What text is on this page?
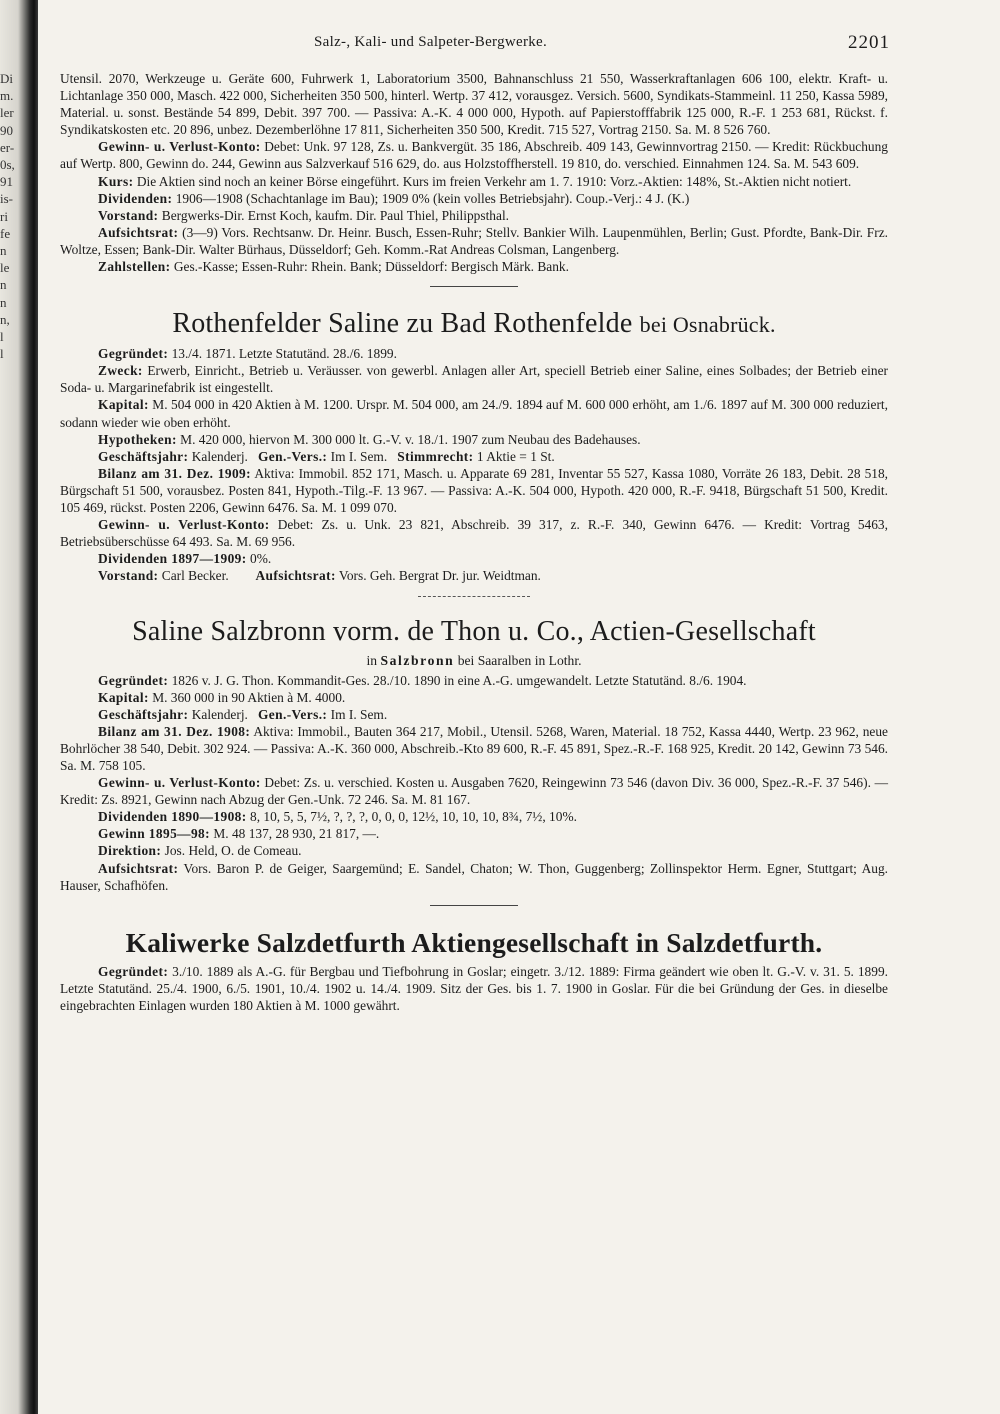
Di
m.
ler
90
er-
0s,
91
is-
ri
fe
n
le
n
n
n,
l
l
Salz-, Kali- und Salpeter-Bergwerke.	2201

Utensil. 2070, Werkzeuge u. Geräte 600, Fuhrwerk 1, Laboratorium 3500, Bahnanschluss 21 550, Wasserkraftanlagen 606 100, elektr. Kraft- u. Lichtanlage 350 000, Masch. 422 000, Sicherheiten 350 500, hinterl. Wertp. 37 412, vorausgez. Versich. 5600, Syndikats-Stammeinl. 11 250, Kassa 5989, Material. u. sonst. Bestände 54 899, Debit. 397 700. — Passiva: A.-K. 4 000 000, Hypoth. auf Papierstofffabrik 125 000, R.-F. 1 253 681, Rückst. f. Syndikatskosten etc. 20 896, unbez. Dezemberlöhne 17 811, Sicherheiten 350 500, Kredit. 715 527, Vortrag 2150. Sa. M. 8 526 760.

Gewinn- u. Verlust-Konto: Debet: Unk. 97 128, Zs. u. Bankvergüt. 35 186, Abschreib. 409 143, Gewinnvortrag 2150. — Kredit: Rückbuchung auf Wertp. 800, Gewinn do. 244, Gewinn aus Salzverkauf 516 629, do. aus Holzstoffherstell. 19 810, do. verschied. Einnahmen 124. Sa. M. 543 609.

Kurs: Die Aktien sind noch an keiner Börse eingeführt. Kurs im freien Verkehr am 1. 7. 1910: Vorz.-Aktien: 148%, St.-Aktien nicht notiert.

Dividenden: 1906—1908 (Schachtanlage im Bau); 1909 0% (kein volles Betriebsjahr). Coup.-Verj.: 4 J. (K.)

Vorstand: Bergwerks-Dir. Ernst Koch, kaufm. Dir. Paul Thiel, Philippsthal.

Aufsichtsrat: (3—9) Vors. Rechtsanw. Dr. Heinr. Busch, Essen-Ruhr; Stellv. Bankier Wilh. Laupenmühlen, Berlin; Gust. Pfordte, Bank-Dir. Frz. Woltze, Essen; Bank-Dir. Walter Bürhaus, Düsseldorf; Geh. Komm.-Rat Andreas Colsman, Langenberg.

Zahlstellen: Ges.-Kasse; Essen-Ruhr: Rhein. Bank; Düsseldorf: Bergisch Märk. Bank.

Rothenfelder Saline zu Bad Rothenfelde bei Osnabrück.

Gegründet: 13./4. 1871. Letzte Statutänd. 28./6. 1899.

Zweck: Erwerb, Einricht., Betrieb u. Veräusser. von gewerbl. Anlagen aller Art, speciell Betrieb einer Saline, eines Solbades; der Betrieb einer Soda- u. Margarinefabrik ist eingestellt.

Kapital: M. 504 000 in 420 Aktien à M. 1200. Urspr. M. 504 000, am 24./9. 1894 auf M. 600 000 erhöht, am 1./6. 1897 auf M. 300 000 reduziert, sodann wieder wie oben erhöht.

Hypotheken: M. 420 000, hiervon M. 300 000 lt. G.-V. v. 18./1. 1907 zum Neubau des Badehauses.

Geschäftsjahr: Kalenderj. Gen.-Vers.: Im I. Sem. Stimmrecht: 1 Aktie = 1 St.

Bilanz am 31. Dez. 1909: Aktiva: Immobil. 852 171, Masch. u. Apparate 69 281, Inventar 55 527, Kassa 1080, Vorräte 26 183, Debit. 28 518, Bürgschaft 51 500, vorausbez. Posten 841, Hypoth.-Tilg.-F. 13 967. — Passiva: A.-K. 504 000, Hypoth. 420 000, R.-F. 9418, Bürgschaft 51 500, Kredit. 105 469, rückst. Posten 2206, Gewinn 6476. Sa. M. 1 099 070.

Gewinn- u. Verlust-Konto: Debet: Zs. u. Unk. 23 821, Abschreib. 39 317, z. R.-F. 340, Gewinn 6476. — Kredit: Vortrag 5463, Betriebsüberschüsse 64 493. Sa. M. 69 956.

Dividenden 1897—1909: 0%.

Vorstand: Carl Becker. Aufsichtsrat: Vors. Geh. Bergrat Dr. jur. Weidtman.

Saline Salzbronn vorm. de Thon u. Co., Actien-Gesellschaft
in Salzbronn bei Saaralben in Lothr.

Gegründet: 1826 v. J. G. Thon. Kommandit-Ges. 28./10. 1890 in eine A.-G. umgewandelt. Letzte Statutänd. 8./6. 1904.

Kapital: M. 360 000 in 90 Aktien à M. 4000.

Geschäftsjahr: Kalenderj. Gen.-Vers.: Im I. Sem.

Bilanz am 31. Dez. 1908: Aktiva: Immobil., Bauten 364 217, Mobil., Utensil. 5268, Waren, Material. 18 752, Kassa 4440, Wertp. 23 962, neue Bohrlöcher 38 540, Debit. 302 924. — Passiva: A.-K. 360 000, Abschreib.-Kto 89 600, R.-F. 45 891, Spez.-R.-F. 168 925, Kredit. 20 142, Gewinn 73 546. Sa. M. 758 105.

Gewinn- u. Verlust-Konto: Debet: Zs. u. verschied. Kosten u. Ausgaben 7620, Reingewinn 73 546 (davon Div. 36 000, Spez.-R.-F. 37 546). — Kredit: Zs. 8921, Gewinn nach Abzug der Gen.-Unk. 72 246. Sa. M. 81 167.

Dividenden 1890—1908: 8, 10, 5, 5, 7½, ?, ?, ?, 0, 0, 0, 12½, 10, 10, 10, 8¾, 7½, 10%.

Gewinn 1895—98: M. 48 137, 28 930, 21 817, —.

Direktion: Jos. Held, O. de Comeau.

Aufsichtsrat: Vors. Baron P. de Geiger, Saargemünd; E. Sandel, Chaton; W. Thon, Guggenberg; Zollinspektor Herm. Egner, Stuttgart; Aug. Hauser, Schafhöfen.

Kaliwerke Salzdetfurth Aktiengesellschaft in Salzdetfurth.

Gegründet: 3./10. 1889 als A.-G. für Bergbau und Tiefbohrung in Goslar; eingetr. 3./12. 1889: Firma geändert wie oben lt. G.-V. v. 31. 5. 1899. Letzte Statutänd. 25./4. 1900, 6./5. 1901, 10./4. 1902 u. 14./4. 1909. Sitz der Ges. bis 1. 7. 1900 in Goslar. Für die bei Gründung der Ges. in dieselbe eingebrachten Einlagen wurden 180 Aktien à M. 1000 gewährt.
